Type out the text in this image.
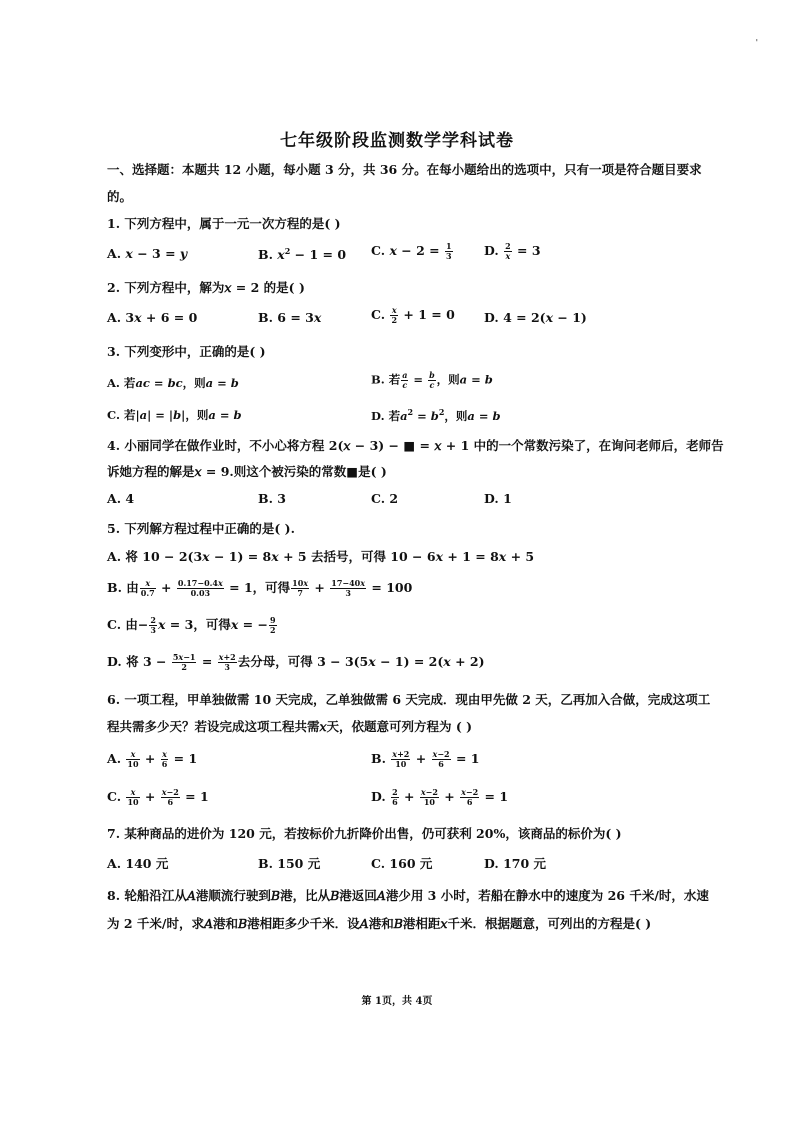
'
七年级阶段监测数学学科试卷
一、选择题：本题共 12 小题，每小题 3 分，共 36 分。在每小题给出的选项中，只有一项是符合题目要求
的。
1. 下列方程中，属于一元一次方程的是( )
A. x − 3 = y	B. $x^2 - 1 = 0$ C. $x - 2 = \frac{1}{3}$	D. $\frac{2}{x} = 3$
2. 下列方程中，解为𝑥 = 2 的是( )
A. 3x + 6 = 0	B. 6 = 3x	C. $\frac{x}{2} + 1 = 0$ D. 4 = 2(x − 1)
3. 下列变形中，正确的是( )
A. 若ac = bc，则a = b	B. 若 $\frac{a}{c} = \frac{b}{c}$ ，则a = b
C. 若|a| = |b|，则a = b	D. 若$a^2 = b^2$，则a = b
4. 小丽同学在做作业时，不小心将方程 2(𝑥 − 3) − ■ = 𝑥 + 1 中的一个常数污染了，在询问老师后，老师告
诉她方程的解是𝑥 = 9.则这个被污染的常数■是( )
A. 4	B. 3	C. 2	D. 1
5. 下列解方程过程中正确的是( ).
A. 将 10 − 2(3x − 1) = 8x + 5 去括号，可得 10 − 6x + 1 = 8x + 5
B. 由 $\frac{x}{0.7} + \frac{0.17-0.4x}{0.03} = 1$，可得 $\frac{10x}{7} + \frac{17-40x}{3} = 100$
C. 由− $\frac{2}{3}$ x = 3，可得x = − $\frac{9}{2}$
D. 将 $3 - \frac{5x-1}{2} = \frac{x+2}{3}$ 去分母，可得 3 − 3(5x − 1) = 2(x + 2)
6. 一项工程，甲单独做需 10 天完成，乙单独做需 6 天完成．现由甲先做 2 天，乙再加入合做，完成这项工
程共需多少天？若设完成这项工程共需𝑥天，依题意可列方程为 ( )
A. $\frac{x}{10} + \frac{x}{6} = 1$	B. $\frac{x+2}{10} + \frac{x-2}{6} = 1$
C. $\frac{x}{10} + \frac{x-2}{6} = 1$	D. $\frac{2}{6} + \frac{x-2}{10} + \frac{x-2}{6} = 1$
7. 某种商品的进价为 120 元，若按标价九折降价出售，仍可获利 20%，该商品的标价为( )
A. 140 元	B. 150 元	C. 160 元	D. 170 元
8. 轮船沿江从𝐴港顺流行驶到𝐵港，比从𝐵港返回𝐴港少用 3 小时，若船在静水中的速度为 26 千米/时，水速
为 2 千米/时，求𝐴港和𝐵港相距多少千米．设𝐴港和𝐵港相距𝑥千米．根据题意，可列出的方程是( )
第 1页，共 4页
